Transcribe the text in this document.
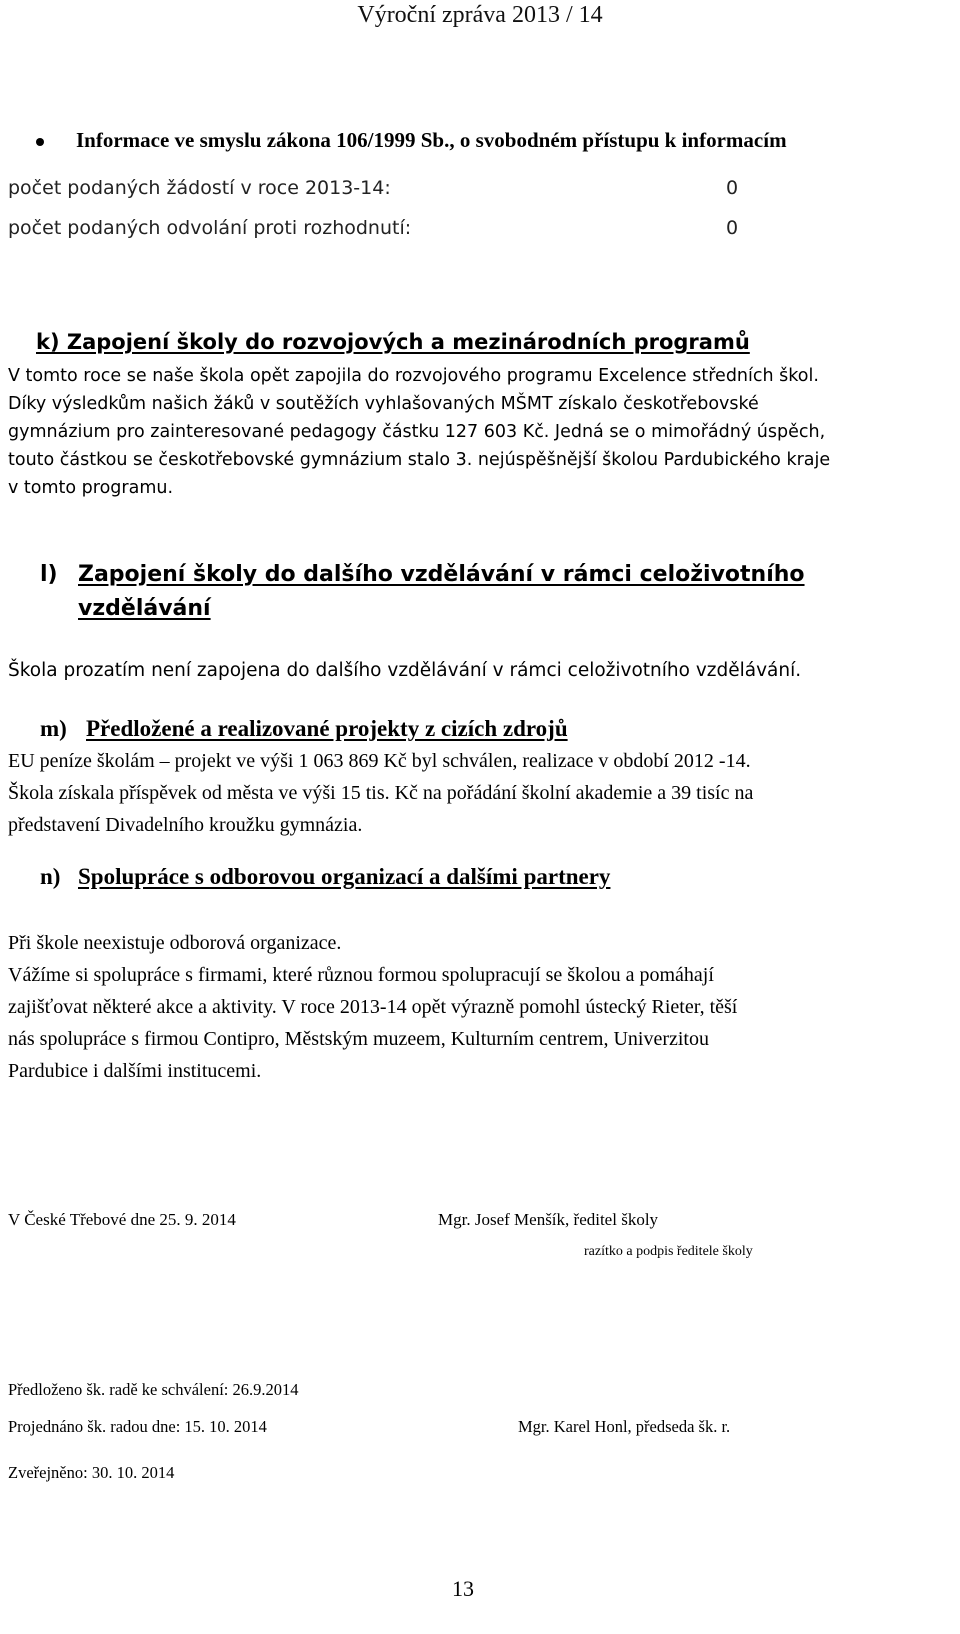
Výroční zpráva 2013 / 14
Informace ve smyslu zákona 106/1999 Sb., o svobodném přístupu k informacím
počet podaných žádostí v roce 2013-14:	0
počet podaných odvolání proti rozhodnutí:	0
k) Zapojení školy do rozvojových a mezinárodních programů
V tomto roce se naše škola opět zapojila do rozvojového programu Excelence středních škol.
Díky výsledkům našich žáků v soutěžích vyhlašovaných MŠMT získalo českotřebovské
gymnázium pro zainteresované pedagogy částku 127 603 Kč. Jedná se o mimořádný úspěch,
touto částkou se českotřebovské gymnázium stalo 3. nejúspěšnější školou Pardubického kraje
v tomto programu.
l) Zapojení školy do dalšího vzdělávání v rámci celoživotního
vzdělávání
Škola prozatím není zapojena do dalšího vzdělávání v rámci celoživotního vzdělávání.
m) Předložené a realizované projekty z cizích zdrojů
EU peníze školám – projekt ve výši 1 063 869 Kč byl schválen, realizace v období 2012 -14.
Škola získala příspěvek od města ve výši 15 tis. Kč na pořádání školní akademie a 39 tisíc na
představení Divadelního kroužku gymnázia.
n) Spolupráce s odborovou organizací a dalšími partnery
Při škole neexistuje odborová organizace.
Vážíme si spolupráce s firmami, které různou formou spolupracují se školou a pomáhají
zajišťovat některé akce a aktivity. V roce 2013-14 opět výrazně pomohl ústecký Rieter, těší
nás spolupráce s firmou Contipro, Městským muzeem, Kulturním centrem, Univerzitou
Pardubice i dalšími institucemi.
V České Třebové dne 25. 9. 2014	Mgr. Josef Menšík, ředitel školy
razítko a podpis ředitele školy
Předloženo šk. radě ke schválení: 26.9.2014
Projednáno šk. radou dne: 15. 10. 2014	Mgr. Karel Honl, předseda šk. r.
Zveřejněno: 30. 10. 2014
13
